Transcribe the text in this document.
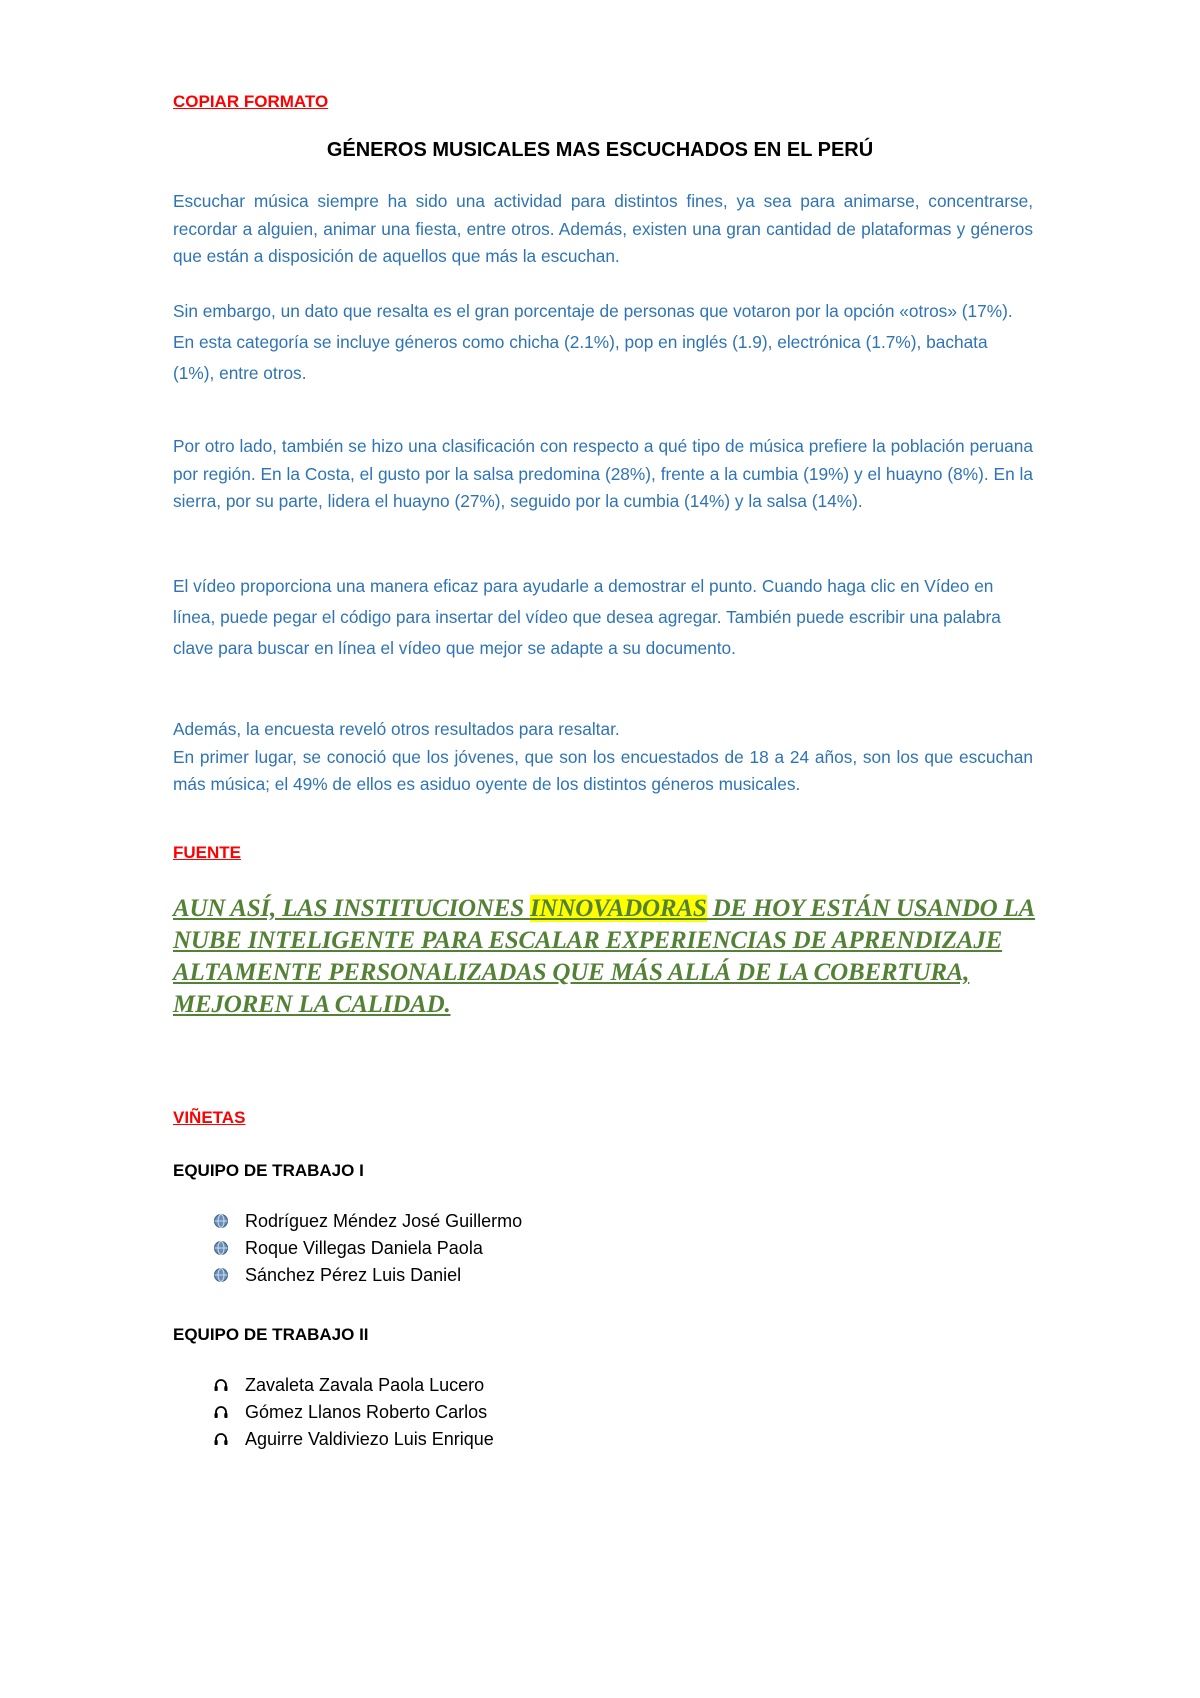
COPIAR FORMATO
GÉNEROS MUSICALES MAS ESCUCHADOS EN EL PERÚ

Escuchar música siempre ha sido una actividad para distintos fines, ya sea para animarse, concentrarse, recordar a alguien, animar una fiesta, entre otros. Además, existen una gran cantidad de plataformas y géneros que están a disposición de aquellos que más la escuchan.

Sin embargo, un dato que resalta es el gran porcentaje de personas que votaron por la opción «otros» (17%). En esta categoría se incluye géneros como chicha (2.1%), pop en inglés (1.9), electrónica (1.7%), bachata (1%), entre otros.

Por otro lado, también se hizo una clasificación con respecto a qué tipo de música prefiere la población peruana por región. En la Costa, el gusto por la salsa predomina (28%), frente a la cumbia (19%) y el huayno (8%). En la sierra, por su parte, lidera el huayno (27%), seguido por la cumbia (14%) y la salsa (14%).

El vídeo proporciona una manera eficaz para ayudarle a demostrar el punto. Cuando haga clic en Vídeo en línea, puede pegar el código para insertar del vídeo que desea agregar. También puede escribir una palabra clave para buscar en línea el vídeo que mejor se adapte a su documento.

Además, la encuesta reveló otros resultados para resaltar.

En primer lugar, se conoció que los jóvenes, que son los encuestados de 18 a 24 años, son los que escuchan más música; el 49% de ellos es asiduo oyente de los distintos géneros musicales.

FUENTE
AUN ASÍ, LAS INSTITUCIONES INNOVADORAS DE HOY ESTÁN USANDO LA NUBE INTELIGENTE PARA ESCALAR EXPERIENCIAS DE APRENDIZAJE ALTAMENTE PERSONALIZADAS QUE MÁS ALLÁ DE LA COBERTURA, MEJOREN LA CALIDAD.
VIÑETAS
EQUIPO DE TRABAJO I
Rodríguez Méndez José Guillermo
Roque Villegas Daniela Paola
Sánchez Pérez Luis Daniel
EQUIPO DE TRABAJO II
Zavaleta Zavala Paola Lucero
Gómez Llanos Roberto Carlos
Aguirre Valdiviezo Luis Enrique
